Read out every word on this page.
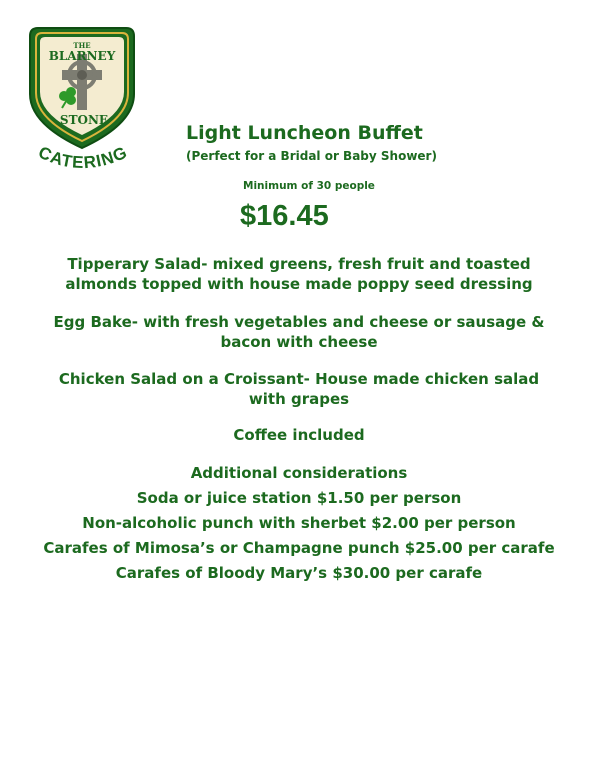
THE
BLARNEY
STONE
CATERING
Light Luncheon Buffet
(Perfect for a Bridal or Baby Shower)
Minimum of 30 people
$16.45
Tipperary Salad- mixed greens, fresh fruit and toasted
almonds topped with house made poppy seed dressing
Egg Bake- with fresh vegetables and cheese or sausage &
bacon with cheese
Chicken Salad on a Croissant- House made chicken salad
with grapes
Coffee included
Additional considerations
Soda or juice station $1.50 per person
Non-alcoholic punch with sherbet $2.00 per person
Carafes of Mimosa’s or Champagne punch $25.00 per carafe
Carafes of Bloody Mary’s $30.00 per carafe
